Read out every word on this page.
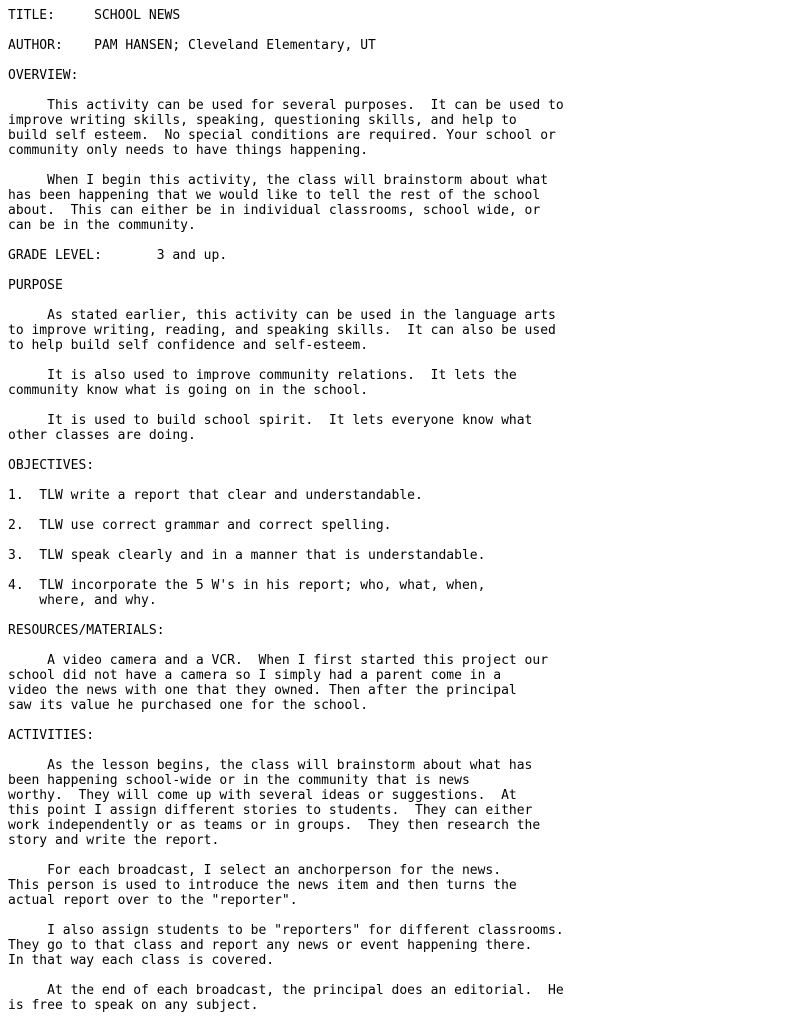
TITLE:     SCHOOL NEWS

AUTHOR:    PAM HANSEN; Cleveland Elementary, UT

OVERVIEW:

This activity can be used for several purposes.  It can be used to
improve writing skills, speaking, questioning skills, and help to
build self esteem.  No special conditions are required. Your school or
community only needs to have things happening.

When I begin this activity, the class will brainstorm about what
has been happening that we would like to tell the rest of the school
about.  This can either be in individual classrooms, school wide, or
can be in the community.

GRADE LEVEL:       3 and up.

PURPOSE

As stated earlier, this activity can be used in the language arts
to improve writing, reading, and speaking skills.  It can also be used
to help build self confidence and self-esteem.

It is also used to improve community relations.  It lets the
community know what is going on in the school.

It is used to build school spirit.  It lets everyone know what
other classes are doing.

OBJECTIVES:

1.  TLW write a report that clear and understandable.

2.  TLW use correct grammar and correct spelling.

3.  TLW speak clearly and in a manner that is understandable.

4.  TLW incorporate the 5 W's in his report; who, what, when,
where, and why.

RESOURCES/MATERIALS:

A video camera and a VCR.  When I first started this project our
school did not have a camera so I simply had a parent come in a
video the news with one that they owned. Then after the principal
saw its value he purchased one for the school.

ACTIVITIES:

As the lesson begins, the class will brainstorm about what has
been happening school-wide or in the community that is news
worthy.  They will come up with several ideas or suggestions.  At
this point I assign different stories to students.  They can either
work independently or as teams or in groups.  They then research the
story and write the report.

For each broadcast, I select an anchorperson for the news.
This person is used to introduce the news item and then turns the
actual report over to the "reporter".

I also assign students to be "reporters" for different classrooms.
They go to that class and report any news or event happening there.
In that way each class is covered.

At the end of each broadcast, the principal does an editorial.  He
is free to speak on any subject.
